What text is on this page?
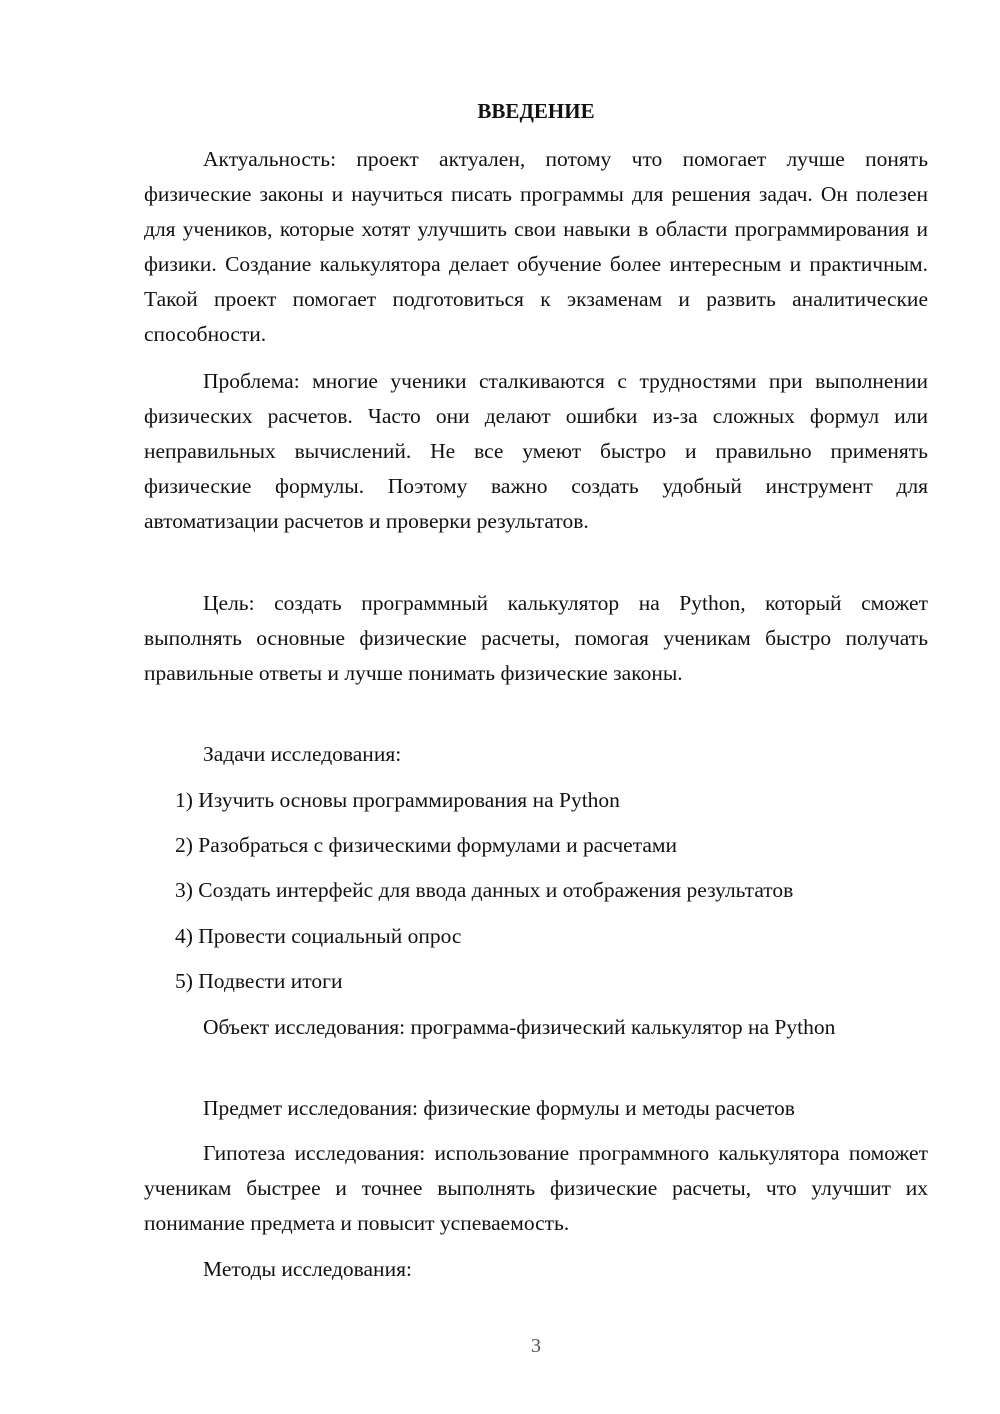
ВВЕДЕНИЕ

Актуальность: проект актуален, потому что помогает лучше понять физические законы и научиться писать программы для решения задач. Он полезен для учеников, которые хотят улучшить свои навыки в области программирования и физики. Создание калькулятора делает обучение более интересным и практичным. Такой проект помогает подготовиться к экзаменам и развить аналитические способности.

Проблема: многие ученики сталкиваются с трудностями при выполнении физических расчетов. Часто они делают ошибки из-за сложных формул или неправильных вычислений. Не все умеют быстро и правильно применять физические формулы. Поэтому важно создать удобный инструмент для автоматизации расчетов и проверки результатов.

Цель: создать программный калькулятор на Python, который сможет выполнять основные физические расчеты, помогая ученикам быстро получать правильные ответы и лучше понимать физические законы.

Задачи исследования:

1) Изучить основы программирования на Python

2) Разобраться с физическими формулами и расчетами

3) Создать интерфейс для ввода данных и отображения результатов

4) Провести социальный опрос

5) Подвести итоги

Объект исследования: программа-физический калькулятор на Python

Предмет исследования: физические формулы и методы расчетов

Гипотеза исследования: использование программного калькулятора поможет ученикам быстрее и точнее выполнять физические расчеты, что улучшит их понимание предмета и повысит успеваемость.

Методы исследования:

3
